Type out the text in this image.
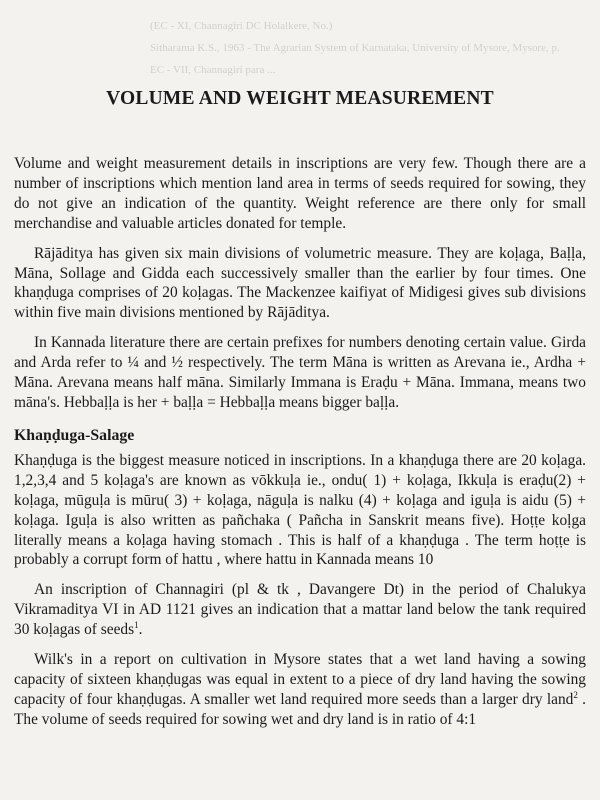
(EC - XI, Channagiri DC Holalkere, No.)
Sitharama K.S., 1963 - The Agrarian System of Karnataka, University of Mysore, Mysore, p.
EC - VII, Channagiri para ...
VOLUME AND WEIGHT MEASUREMENT

Volume and weight measurement details in inscriptions are very few. Though there are a number of inscriptions which mention land area in terms of seeds required for sowing, they do not give an indication of the quantity. Weight reference are there only for small merchandise and valuable articles donated for temple.

Rājāditya has given six main divisions of volumetric measure. They are koḷaga, Baḷḷa, Māna, Sollage and Gidda each successively smaller than the earlier by four times. One khaṇḍuga comprises of 20 koḷagas. The Mackenzee kaifiyat of Midigesi gives sub divisions within five main divisions mentioned by Rājāditya.

In Kannada literature there are certain prefixes for numbers denoting certain value. Girda and Arda refer to ¼ and ½ respectively. The term Māna is written as Arevana ie., Ardha + Māna. Arevana means half māna. Similarly Immana is Eraḍu + Māna. Immana, means two māna's. Hebbaḷḷa is her + baḷḷa = Hebbaḷḷa means bigger baḷḷa.

Khaṇḍuga-Salage

Khaṇḍuga is the biggest measure noticed in inscriptions. In a khaṇḍuga there are 20 koḷaga. 1,2,3,4 and 5 koḷaga's are known as vōkkuḷa ie., ondu( 1) + koḷaga, Ikkuḷa is eraḍu(2) + koḷaga, mūguḷa is mūru( 3) + koḷaga, nāguḷa is nalku (4) + koḷaga and iguḷa is aidu (5) + koḷaga. Iguḷa is also written as pañchaka ( Pañcha in Sanskrit means five). Hoṭṭe koḷga literally means a koḷaga having stomach . This is half of a khaṇḍuga . The term hoṭṭe is probably a corrupt form of hattu , where hattu in Kannada means 10

An inscription of Channagiri (pl & tk , Davangere Dt) in the period of Chalukya Vikramaditya VI in AD 1121 gives an indication that a mattar land below the tank required 30 koḷagas of seeds$^1$.

Wilk's in a report on cultivation in Mysore states that a wet land having a sowing capacity of sixteen khaṇḍugas was equal in extent to a piece of dry land having the sowing capacity of four khaṇḍugas. A smaller wet land required more seeds than a larger dry land$^2$ . The volume of seeds required for sowing wet and dry land is in ratio of 4:1
